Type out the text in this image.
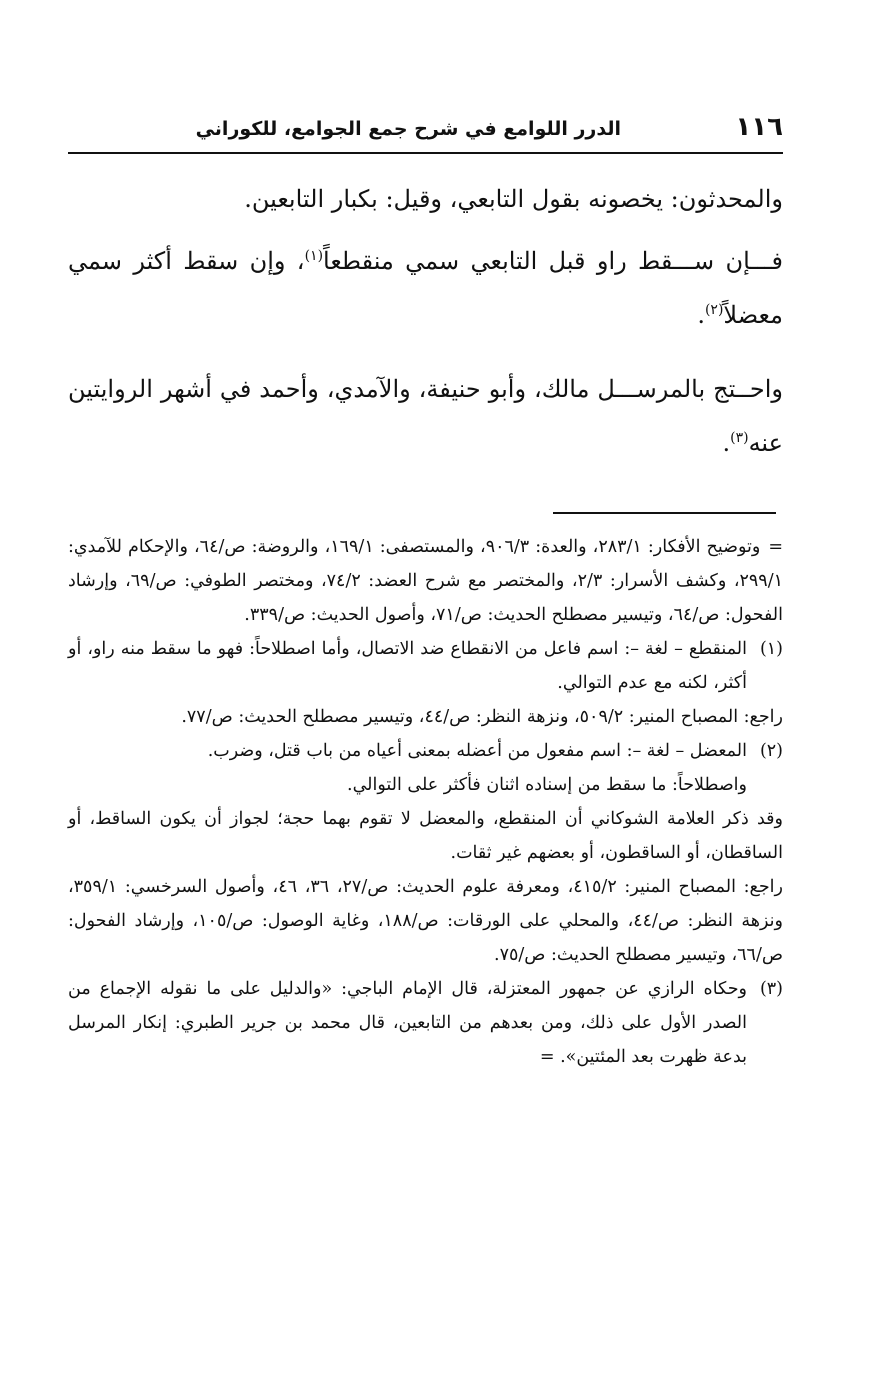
١١٦
الدرر اللوامع في شرح جمع الجوامع، للكوراني

والمحدثون: يخصونه بقول التابعي، وقيل: بكبار التابعين.

فـــإن ســـقط راو قبل التابعي سمي منقطعاً$^{(١)}$، وإن سقط أكثر سمي معضلاً$^{(٢)}$.

واحــتج بالمرســـل مالك، وأبو حنيفة، والآمدي، وأحمد في أشهر الروايتين عنه$^{(٣)}$.

=وتوضيح الأفكار: ٢٨٣/١، والعدة: ٩٠٦/٣، والمستصفى: ١٦٩/١، والروضة: ص/٦٤، والإحكام للآمدي: ٢٩٩/١، وكشف الأسرار: ٢/٣، والمختصر مع شرح العضد: ٧٤/٢، ومختصر الطوفي: ص/٦٩، وإرشاد الفحول: ص/٦٤، وتيسير مصطلح الحديث: ص/٧١، وأصول الحديث: ص/٣٣٩.

(١)
المنقطع – لغة –: اسم فاعل من الانقطاع ضد الاتصال، وأما اصطلاحاً: فهو ما سقط منه راو، أو أكثر، لكنه مع عدم التوالي.

راجع: المصباح المنير: ٥٠٩/٢، ونزهة النظر: ص/٤٤، وتيسير مصطلح الحديث: ص/٧٧.

(٢)
المعضل – لغة –: اسم مفعول من أعضله بمعنى أعياه من باب قتل، وضرب.

واصطلاحاً: ما سقط من إسناده اثنان فأكثر على التوالي.

وقد ذكر العلامة الشوكاني أن المنقطع، والمعضل لا تقوم بهما حجة؛ لجواز أن يكون الساقط، أو الساقطان، أو الساقطون، أو بعضهم غير ثقات.

راجع: المصباح المنير: ٤١٥/٢، ومعرفة علوم الحديث: ص/٢٧، ٣٦، ٤٦، وأصول السرخسي: ٣٥٩/١، ونزهة النظر: ص/٤٤، والمحلي على الورقات: ص/١٨٨، وغاية الوصول: ص/١٠٥، وإرشاد الفحول: ص/٦٦، وتيسير مصطلح الحديث: ص/٧٥.

(٣)
وحكاه الرازي عن جمهور المعتزلة، قال الإمام الباجي: «والدليل على ما نقوله الإجماع من الصدر الأول على ذلك، ومن بعدهم من التابعين، قال محمد بن جرير الطبري: إنكار المرسل بدعة ظهرت بعد المئتين». =
